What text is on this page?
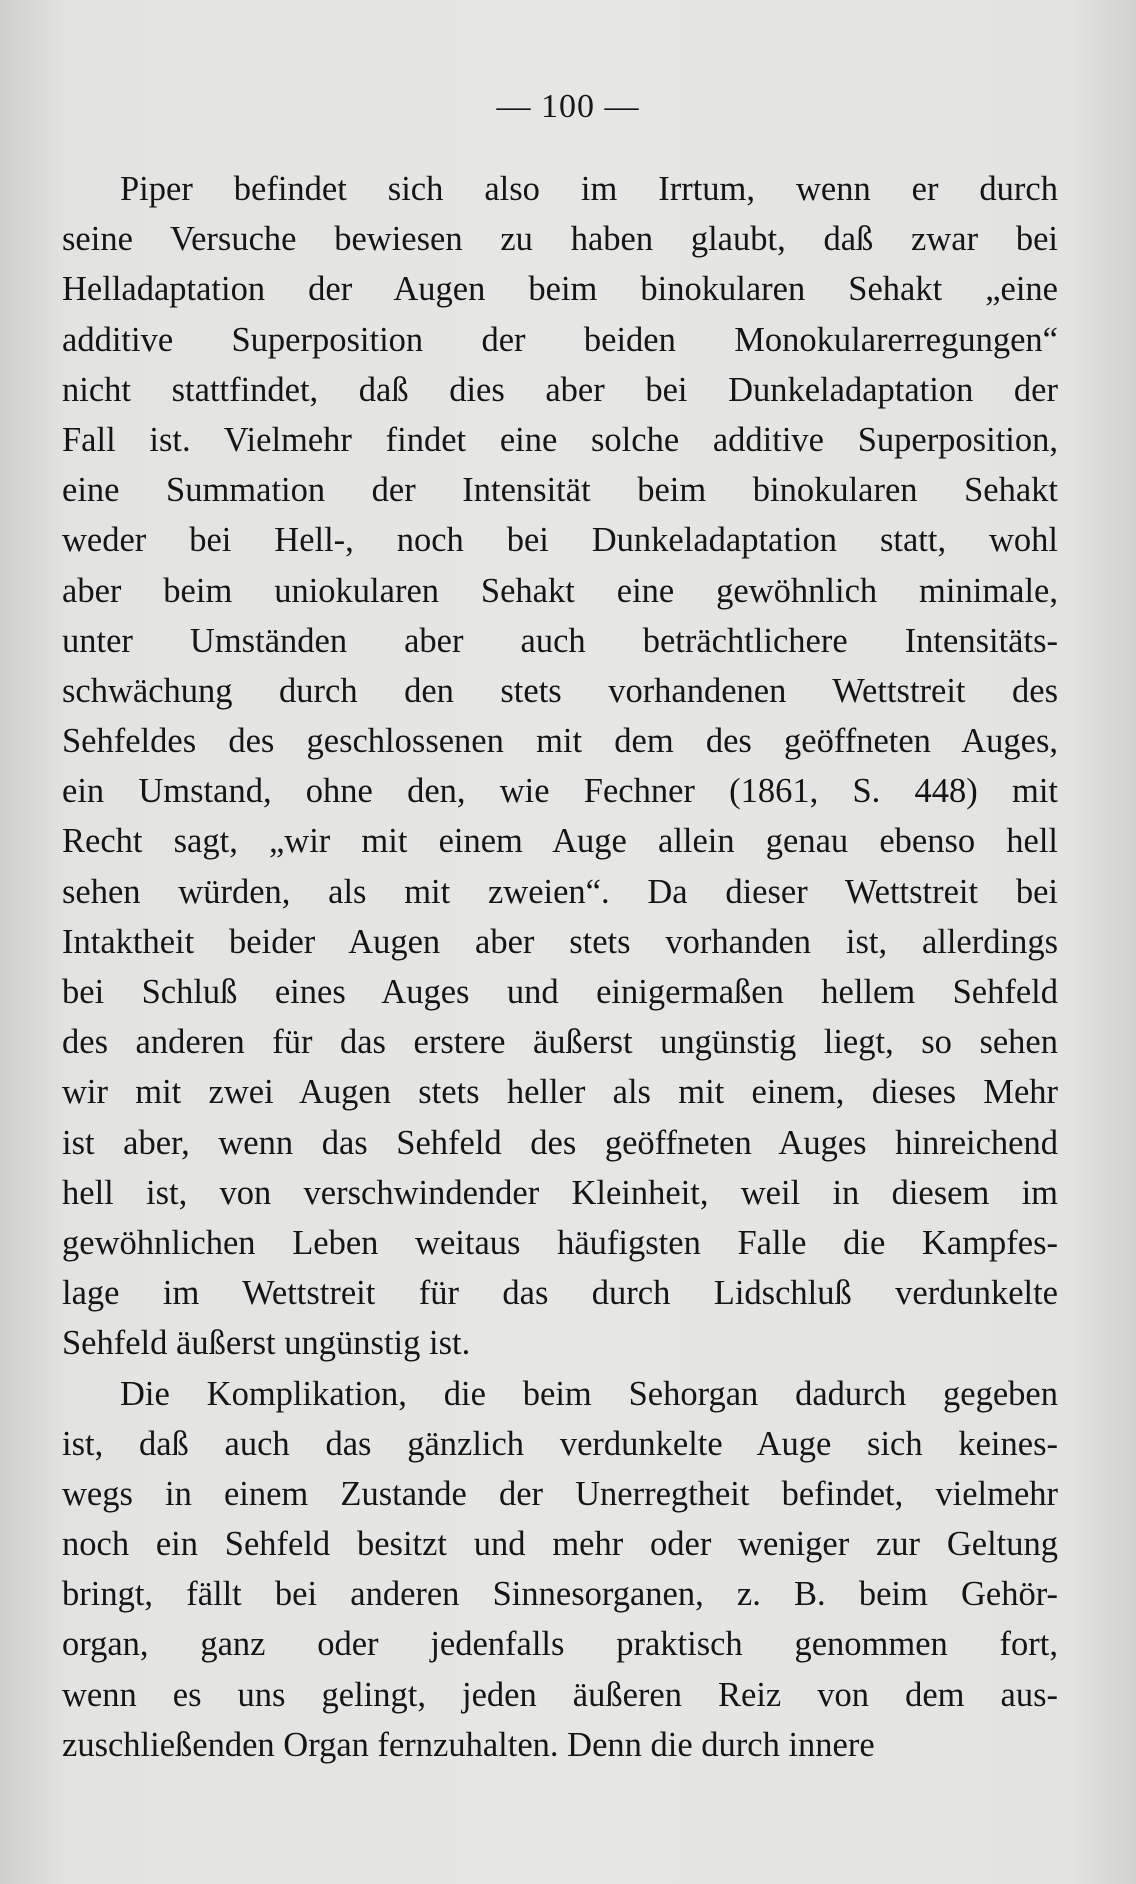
— 100 —
Piper befindet sich also im Irrtum, wenn er durch
seine Versuche bewiesen zu haben glaubt, daß zwar bei
Helladaptation der Augen beim binokularen Sehakt „eine
additive Superposition der beiden Monokularerregungen“
nicht stattfindet, daß dies aber bei Dunkeladaptation der
Fall ist. Vielmehr findet eine solche additive Superposition,
eine Summation der Intensität beim binokularen Sehakt
weder bei Hell-, noch bei Dunkeladaptation statt, wohl
aber beim uniokularen Sehakt eine gewöhnlich minimale,
unter Umständen aber auch beträchtlichere Intensitäts-
schwächung durch den stets vorhandenen Wettstreit des
Sehfeldes des geschlossenen mit dem des geöffneten Auges,
ein Umstand, ohne den, wie Fechner (1861, S. 448) mit
Recht sagt, „wir mit einem Auge allein genau ebenso hell
sehen würden, als mit zweien“. Da dieser Wettstreit bei
Intaktheit beider Augen aber stets vorhanden ist, allerdings
bei Schluß eines Auges und einigermaßen hellem Sehfeld
des anderen für das erstere äußerst ungünstig liegt, so sehen
wir mit zwei Augen stets heller als mit einem, dieses Mehr
ist aber, wenn das Sehfeld des geöffneten Auges hinreichend
hell ist, von verschwindender Kleinheit, weil in diesem im
gewöhnlichen Leben weitaus häufigsten Falle die Kampfes-
lage im Wettstreit für das durch Lidschluß verdunkelte
Sehfeld äußerst ungünstig ist.
Die Komplikation, die beim Sehorgan dadurch gegeben
ist, daß auch das gänzlich verdunkelte Auge sich keines-
wegs in einem Zustande der Unerregtheit befindet, vielmehr
noch ein Sehfeld besitzt und mehr oder weniger zur Geltung
bringt, fällt bei anderen Sinnesorganen, z. B. beim Gehör-
organ, ganz oder jedenfalls praktisch genommen fort,
wenn es uns gelingt, jeden äußeren Reiz von dem aus-
zuschließenden Organ fernzuhalten. Denn die durch innere
